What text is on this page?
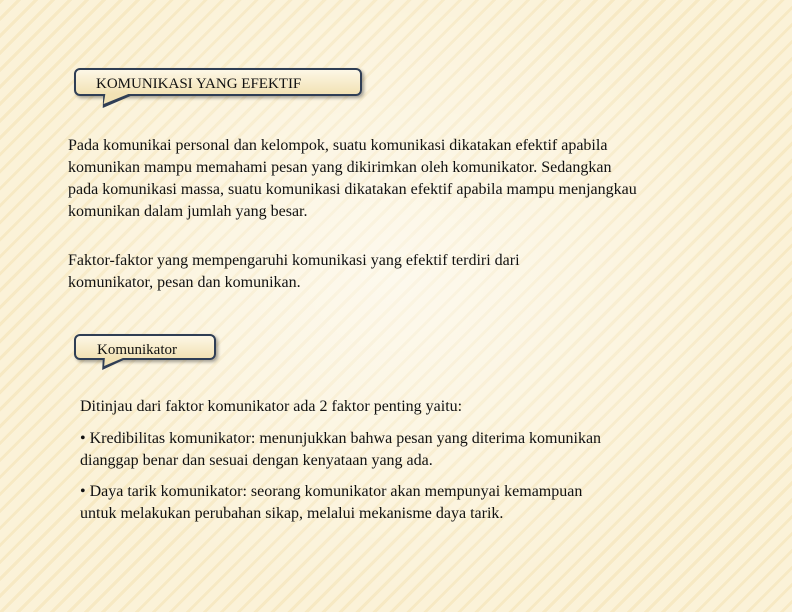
KOMUNIKASI YANG EFEKTIF

Pada komunikai personal dan kelompok, suatu komunikasi dikatakan efektif apabila
komunikan mampu memahami pesan yang dikirimkan oleh komunikator. Sedangkan
pada komunikasi massa, suatu komunikasi dikatakan efektif apabila mampu menjangkau
komunikan dalam jumlah yang besar.

Faktor-faktor yang mempengaruhi komunikasi yang efektif terdiri dari
komunikator, pesan dan komunikan.

Komunikator

Ditinjau dari faktor komunikator ada 2 faktor penting yaitu:

• Kredibilitas komunikator: menunjukkan bahwa pesan yang diterima komunikan
dianggap benar dan sesuai dengan kenyataan yang ada.

• Daya tarik komunikator: seorang komunikator akan mempunyai kemampuan
untuk melakukan perubahan sikap, melalui mekanisme daya tarik.
